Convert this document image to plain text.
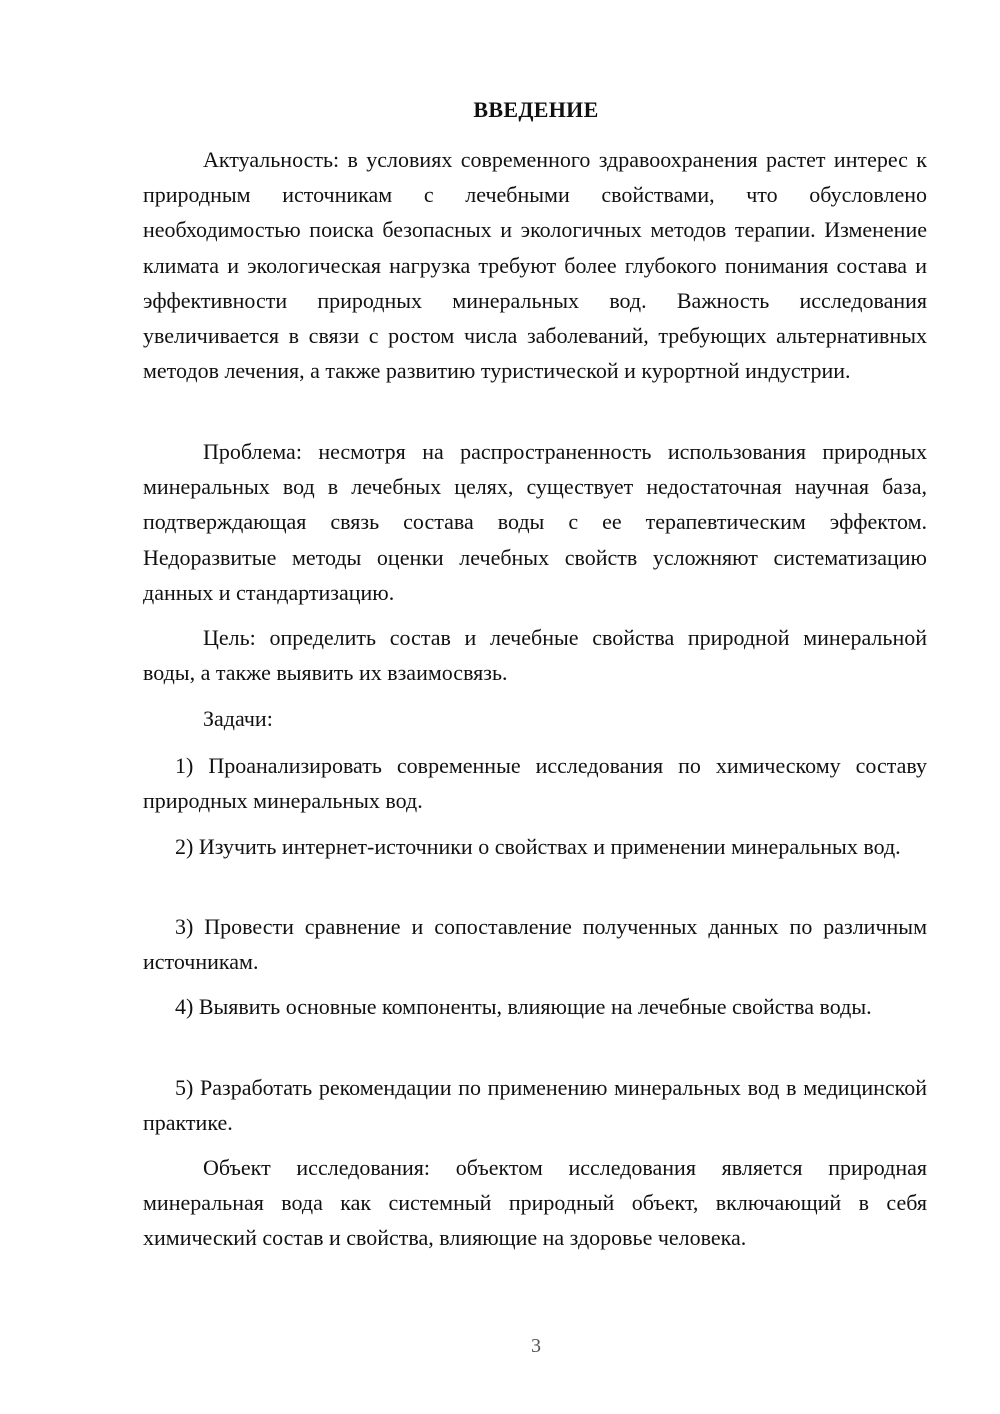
ВВЕДЕНИЕ

Актуальность: в условиях современного здравоохранения растет интерес к природным источникам с лечебными свойствами, что обусловлено необходимостью поиска безопасных и экологичных методов терапии. Изменение климата и экологическая нагрузка требуют более глубокого понимания состава и эффективности природных минеральных вод. Важность исследования увеличивается в связи с ростом числа заболеваний, требующих альтернативных методов лечения, а также развитию туристической и курортной индустрии.

Проблема: несмотря на распространенность использования природных минеральных вод в лечебных целях, существует недостаточная научная база, подтверждающая связь состава воды с ее терапевтическим эффектом. Недоразвитые методы оценки лечебных свойств усложняют систематизацию данных и стандартизацию.

Цель: определить состав и лечебные свойства природной минеральной воды, а также выявить их взаимосвязь.

Задачи:

1) Проанализировать современные исследования по химическому составу природных минеральных вод.

2) Изучить интернет-источники о свойствах и применении минеральных вод.

3) Провести сравнение и сопоставление полученных данных по различным источникам.

4) Выявить основные компоненты, влияющие на лечебные свойства воды.

5) Разработать рекомендации по применению минеральных вод в медицинской практике.

Объект исследования: объектом исследования является природная минеральная вода как системный природный объект, включающий в себя химический состав и свойства, влияющие на здоровье человека.

3
